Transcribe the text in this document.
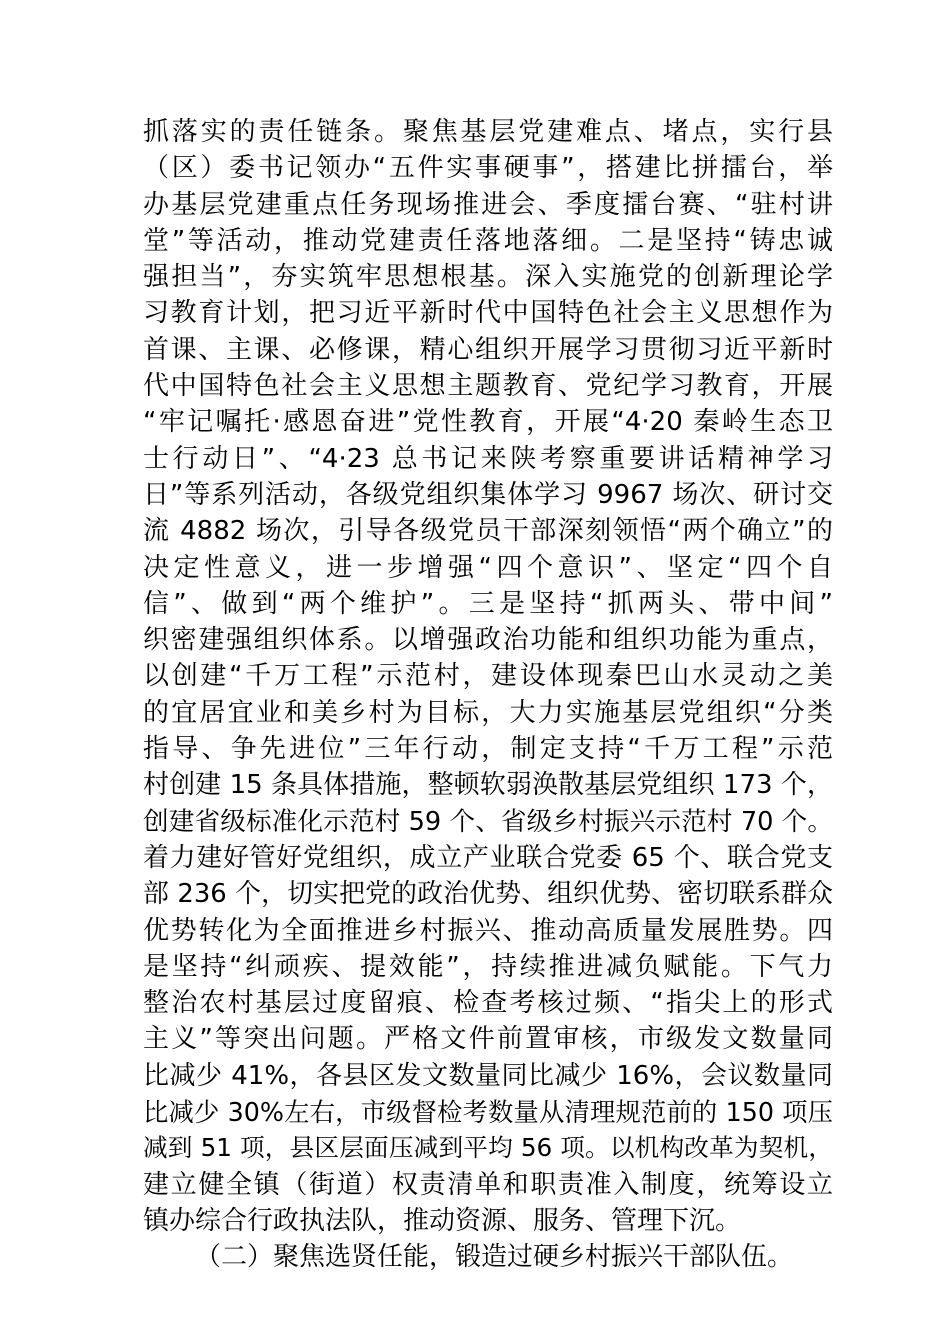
抓落实的责任链条。聚焦基层党建难点、堵点，实行县
（区）委书记领办“五件实事硬事”，搭建比拼擂台，举
办基层党建重点任务现场推进会、季度擂台赛、“驻村讲
堂”等活动，推动党建责任落地落细。二是坚持“铸忠诚
强担当”，夯实筑牢思想根基。深入实施党的创新理论学
习教育计划，把习近平新时代中国特色社会主义思想作为
首课、主课、必修课，精心组织开展学习贯彻习近平新时
代中国特色社会主义思想主题教育、党纪学习教育，开展
“牢记嘱托·感恩奋进”党性教育，开展“4·20 秦岭生态卫
士行动日”、“4·23 总书记来陕考察重要讲话精神学习
日”等系列活动，各级党组织集体学习 9967 场次、研讨交
流 4882 场次，引导各级党员干部深刻领悟“两个确立”的
决定性意义，进一步增强“四个意识”、坚定“四个自
信”、做到“两个维护”。三是坚持“抓两头、带中间”
织密建强组织体系。以增强政治功能和组织功能为重点，
以创建“千万工程”示范村，建设体现秦巴山水灵动之美
的宜居宜业和美乡村为目标，大力实施基层党组织“分类
指导、争先进位”三年行动，制定支持“千万工程”示范
村创建 15 条具体措施，整顿软弱涣散基层党组织 173 个，
创建省级标准化示范村 59 个、省级乡村振兴示范村 70 个。
着力建好管好党组织，成立产业联合党委 65 个、联合党支
部 236 个，切实把党的政治优势、组织优势、密切联系群众
优势转化为全面推进乡村振兴、推动高质量发展胜势。四
是坚持“纠顽疾、提效能”，持续推进减负赋能。下气力
整治农村基层过度留痕、检查考核过频、“指尖上的形式
主义”等突出问题。严格文件前置审核，市级发文数量同
比减少 41%，各县区发文数量同比减少 16%，会议数量同
比减少 30%左右，市级督检考数量从清理规范前的 150 项压
减到 51 项，县区层面压减到平均 56 项。以机构改革为契机，
建立健全镇（街道）权责清单和职责准入制度，统筹设立
镇办综合行政执法队，推动资源、服务、管理下沉。
（二）聚焦选贤任能，锻造过硬乡村振兴干部队伍。
